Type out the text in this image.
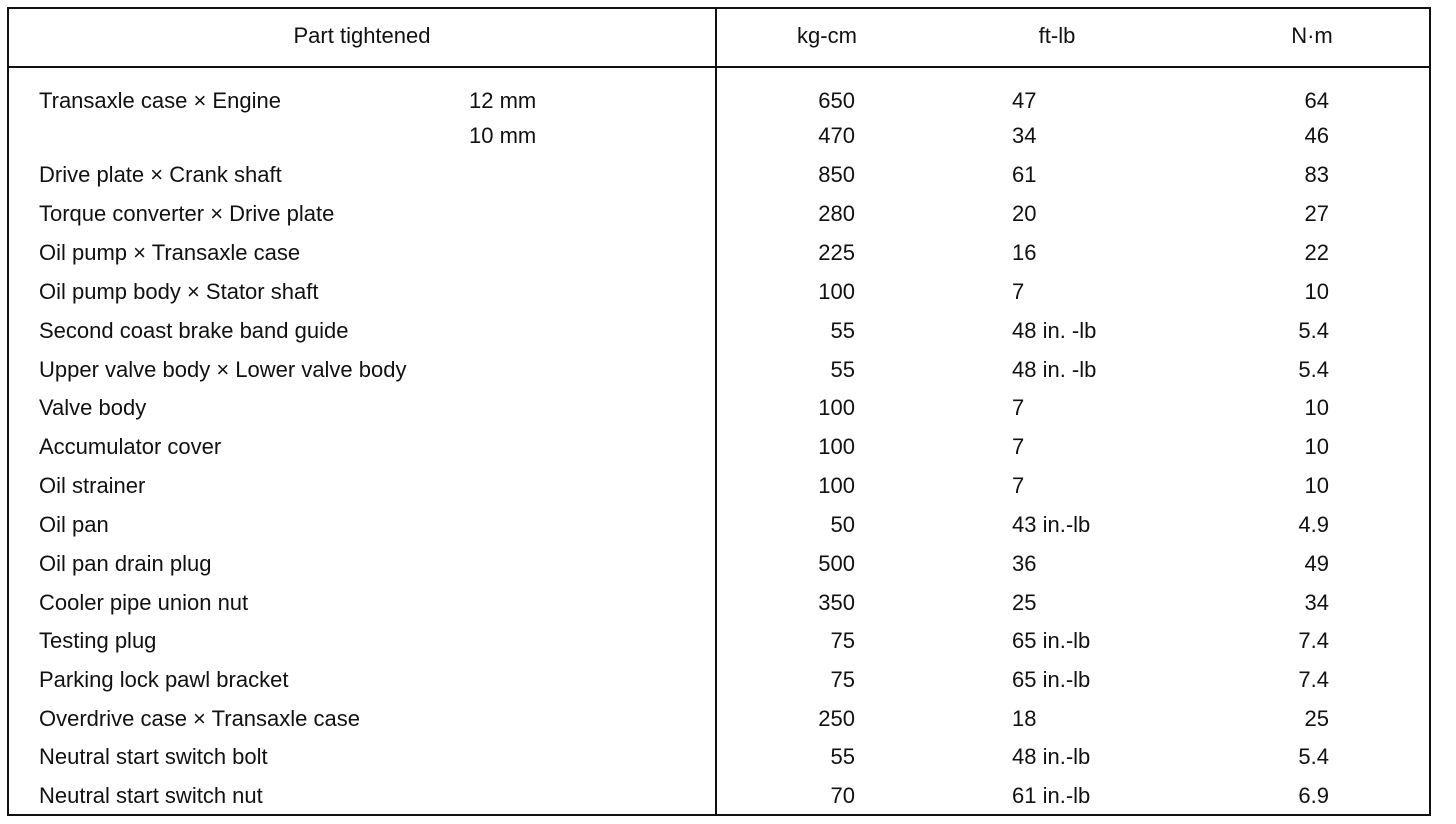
Part tightened	kg-cm	ft-lb	N·m
Transaxle case × Engine	12 mm	650	47	64
10 mm	470	34	46
Drive plate × Crank shaft	850	61	83
Torque converter × Drive plate	280	20	27
Oil pump × Transaxle case	225	16	22
Oil pump body × Stator shaft	100	7	10
Second coast brake band guide	55	48 in. -lb	5.4
Upper valve body × Lower valve body	55	48 in. -lb	5.4
Valve body	100	7	10
Accumulator cover	100	7	10
Oil strainer	100	7	10
Oil pan	50	43 in.-lb	4.9
Oil pan drain plug	500	36	49
Cooler pipe union nut	350	25	34
Testing plug	75	65 in.-lb	7.4
Parking lock pawl bracket	75	65 in.-lb	7.4
Overdrive case × Transaxle case	250	18	25
Neutral start switch bolt	55	48 in.-lb	5.4
Neutral start switch nut	70	61 in.-lb	6.9
